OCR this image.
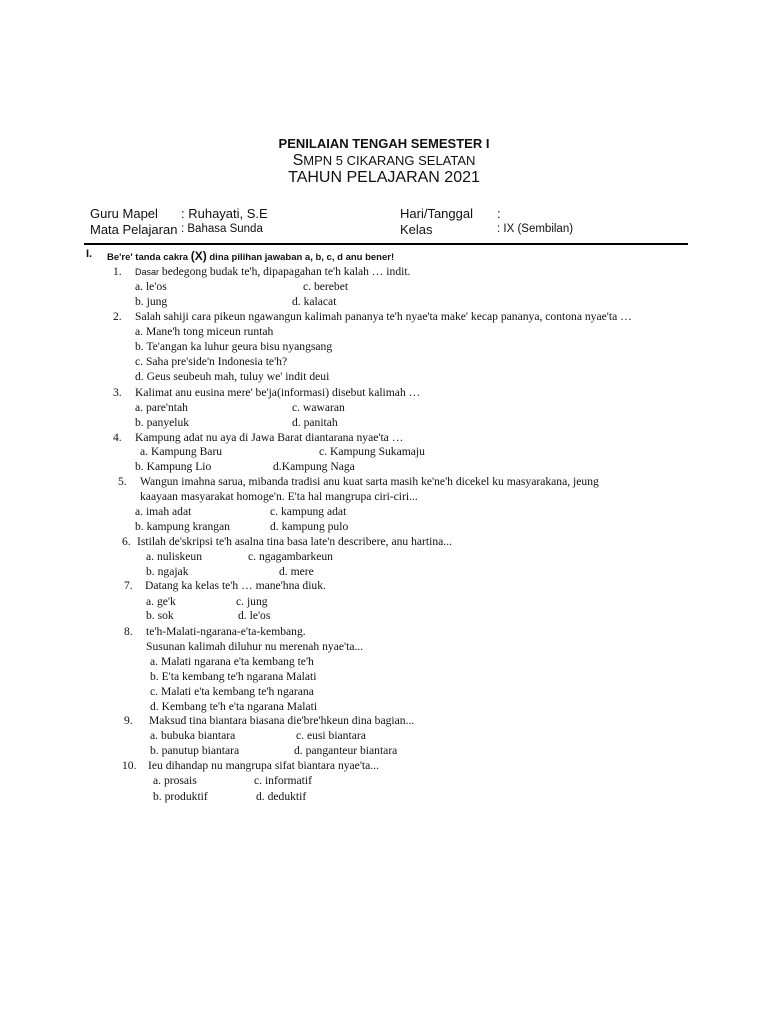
PENILAIAN TENGAH SEMESTER I
SMPN 5 CIKARANG SELATAN
TAHUN PELAJARAN 2021
Guru Mapel : Ruhayati, S.E
Mata Pelajaran : Bahasa Sunda
Hari/Tanggal :
Kelas	: IX (Sembilan)
I. Be're' tanda cakra (X) dina pilihan jawaban a, b, c, d anu bener!
1. Dasar bedegong budak te'h, dipapagahan te'h kalah … indit.
a. le'os
b. jung
c. berebet
d. kalacat
2. Salah sahiji cara pikeun ngawangun kalimah pananya te'h nyae'ta make' kecap pananya, contona nyae'ta …
a. Mane'h tong miceun runtah
b. Te'angan ka luhur geura bisu nyangsang
c. Saha pre'side'n Indonesia te'h?
d. Geus seubeuh mah, tuluy we' indit deui
3. Kalimat anu eusina mere' be'ja(informasi) disebut kalimah …
a. pare'ntah
b. panyeluk
c. wawaran
d. panitah
4. Kampung adat nu aya di Jawa Barat diantarana nyae'ta …
a. Kampung Baru
b. Kampung Lio
c. Kampung Sukamaju
d.Kampung Naga
5. Wangun imahna sarua, mibanda tradisi anu kuat sarta masih ke'ne'h dicekel ku masyarakana, jeung
kaayaan masyarakat homoge'n. E'ta hal mangrupa ciri-ciri...
a. imah adat
b. kampung krangan
c. kampung adat
d. kampung pulo
6. Istilah de'skripsi te'h asalna tina basa late'n describere, anu hartina...
a. nuliskeun
b. ngajak
c. ngagambarkeun
d. mere
7. Datang ka kelas te'h … mane'hna diuk.
a. ge'k
b. sok
c. jung
d. le'os
8. te'h-Malati-ngarana-e'ta-kembang.
Susunan kalimah diluhur nu merenah nyae'ta...
a. Malati ngarana e'ta kembang te'h
b. E'ta kembang te'h ngarana Malati
c. Malati e'ta kembang te'h ngarana
d. Kembang te'h e'ta ngarana Malati
9. Maksud tina biantara biasana die'bre'hkeun dina bagian...
a. bubuka biantara
b. panutup biantara
c. eusi biantara
d. panganteur biantara
10. Ieu dihandap nu mangrupa sifat biantara nyae'ta...
a. prosais
b. produktif
c. informatif
d. deduktif
